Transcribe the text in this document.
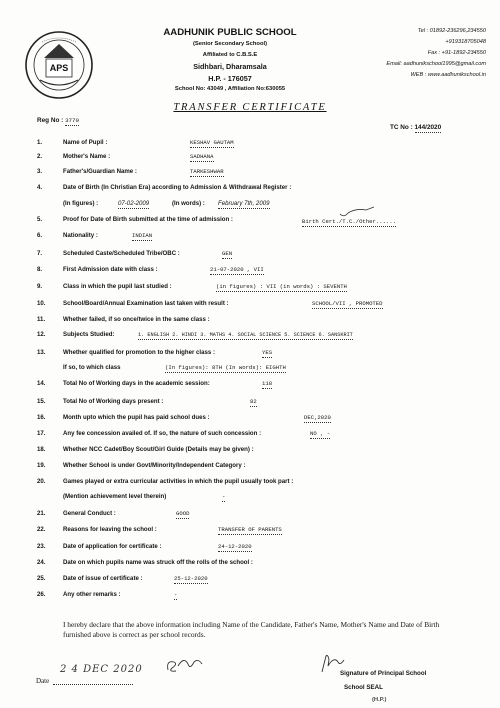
APS
AADHUNIK PUBLIC SCHOOL
(Senior Secondary School)
Affiliated to C.B.S.E
Sidhbari, Dharamsala
H.P. - 176057
School No: 43049 , Affiliation No:630055
Tel : 01892-236296,234550
+919318705048
Fax : +91-1892-234550
Email: aadhunikschool1995@gmail.com
WEB : www.aadhunikschool.in
TRANSFER CERTIFICATE
Reg No : 3770
TC No : 144/2020
1.	Name of Pupil :	KESHAV GAUTAM
2.	Mother's Name :	SADHANA
3.	Father's/Guardian Name :	TARKESHWAR
4.	Date of Birth (In Christian Era) according to Admission & Withdrawal Register :
(In figures) :	07-02-2009	(In words) : February 7th, 2009
5.	Proof for Date of Birth submitted at the time of admission :	Birth Cert./T.C./Other......
6.	Nationality :	INDIAN
7.	Scheduled Caste/Scheduled Tribe/OBC :	GEN
8.	First Admission date with class :	21-07-2020 , VII
9.	Class in which the pupil last studied :	(in figures) : VII (in words) : SEVENTH
10.	School/Board/Annual Examination last taken with result :	SCHOOL/VII , PROMOTED
11.	Whether failed, if so once/twice in the same class :
12.	Subjects Studied:	1. ENGLISH 2. HINDI 3. MATHS 4. SOCIAL SCIENCE 5. SCIENCE 6. SANSKRIT
13.	Whether qualified for promotion to the higher class :	YES
If so, to which class	(In figures): 8TH (In words): EIGHTH
14.	Total No of Working days in the academic session:	118
15.	Total No of Working days present :	82
16.	Month upto which the pupil has paid school dues :	DEC,2020
17.	Any fee concession availed of. If so, the nature of such concession :	NO , -
18.	Whether NCC Cadet/Boy Scout/Girl Guide (Details may be given) :
19.	Whether School is under Govt/Minority/Independent Category :
20.	Games played or extra curricular activities in which the pupil usually took part :
(Mention achievement level therein)	-
21.	General Conduct :	GOOD
22.	Reasons for leaving the school :	TRANSFER OF PARENTS
23.	Date of application for certificate :	24-12-2020
24.	Date on which pupils name was struck off the rolls of the school :
25.	Date of issue of certificate :	25-12-2020
26.	Any other remarks :	-
I hereby declare that the above information including Name of the Candidate, Father's Name, Mother's Name and Date of Birth furnished above is correct as per school records.
Date
2 4 DEC 2020	Signature of Principal School
School SEAL
(H.P.)
